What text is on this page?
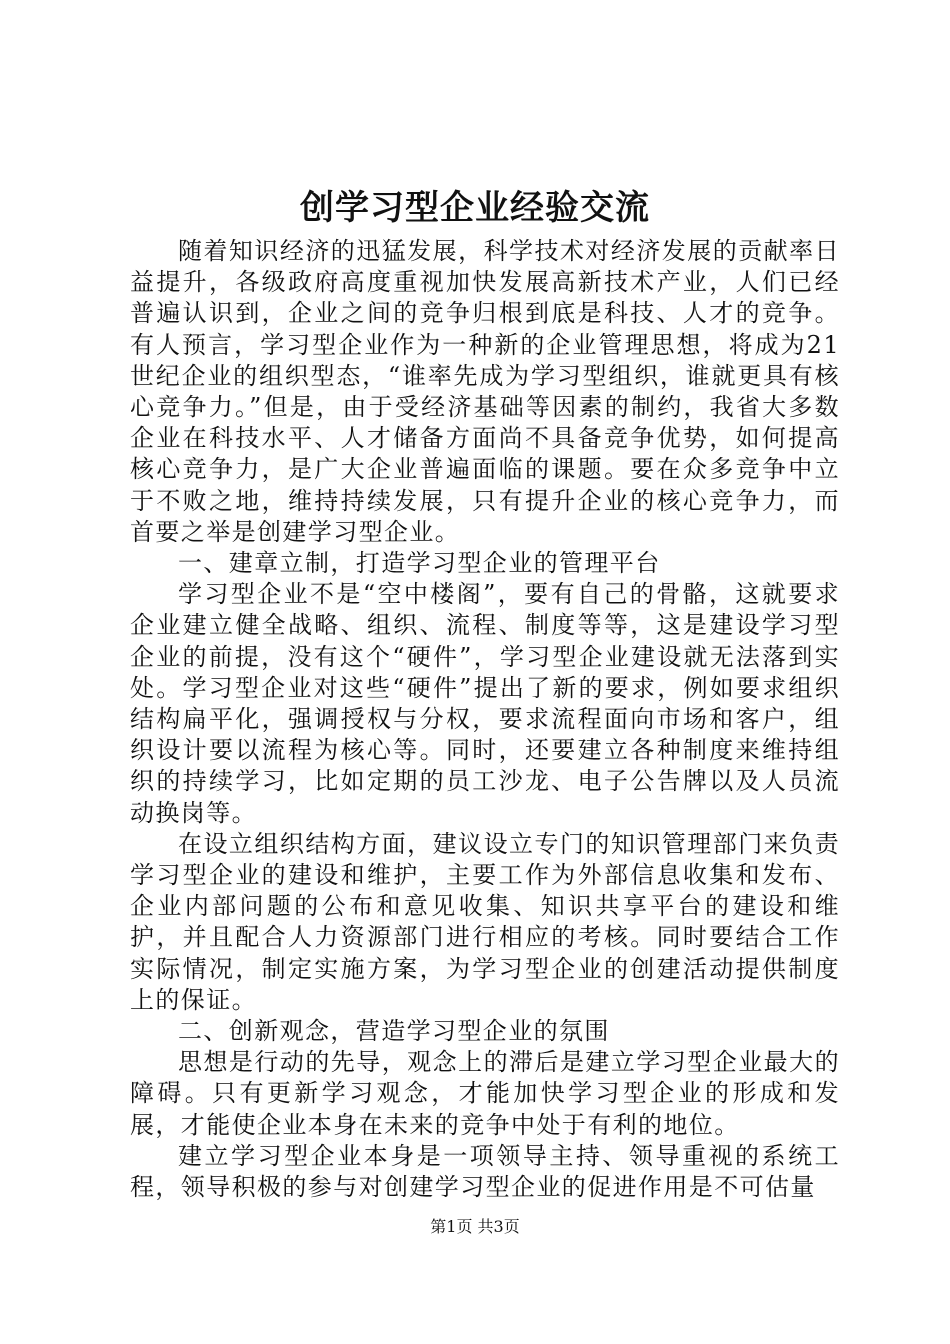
创学习型企业经验交流

随着知识经济的迅猛发展，科学技术对经济发展的贡献率日益提升，各级政府高度重视加快发展高新技术产业，人们已经普遍认识到，企业之间的竞争归根到底是科技、人才的竞争。有人预言，学习型企业作为一种新的企业管理思想，将成为21世纪企业的组织型态，“谁率先成为学习型组织，谁就更具有核心竞争力。”但是，由于受经济基础等因素的制约，我省大多数企业在科技水平、人才储备方面尚不具备竞争优势，如何提高核心竞争力，是广大企业普遍面临的课题。要在众多竞争中立于不败之地，维持持续发展，只有提升企业的核心竞争力，而首要之举是创建学习型企业。

一、建章立制，打造学习型企业的管理平台

学习型企业不是“空中楼阁”，要有自己的骨骼，这就要求企业建立健全战略、组织、流程、制度等等，这是建设学习型企业的前提，没有这个“硬件”，学习型企业建设就无法落到实处。学习型企业对这些“硬件”提出了新的要求，例如要求组织结构扁平化，强调授权与分权，要求流程面向市场和客户，组织设计要以流程为核心等。同时，还要建立各种制度来维持组织的持续学习，比如定期的员工沙龙、电子公告牌以及人员流动换岗等。

在设立组织结构方面，建议设立专门的知识管理部门来负责学习型企业的建设和维护，主要工作为外部信息收集和发布、企业内部问题的公布和意见收集、知识共享平台的建设和维护，并且配合人力资源部门进行相应的考核。同时要结合工作实际情况，制定实施方案，为学习型企业的创建活动提供制度上的保证。

二、创新观念，营造学习型企业的氛围

思想是行动的先导，观念上的滞后是建立学习型企业最大的障碍。只有更新学习观念，才能加快学习型企业的形成和发展，才能使企业本身在未来的竞争中处于有利的地位。

建立学习型企业本身是一项领导主持、领导重视的系统工程，领导积极的参与对创建学习型企业的促进作用是不可估量

第1页 共3页
